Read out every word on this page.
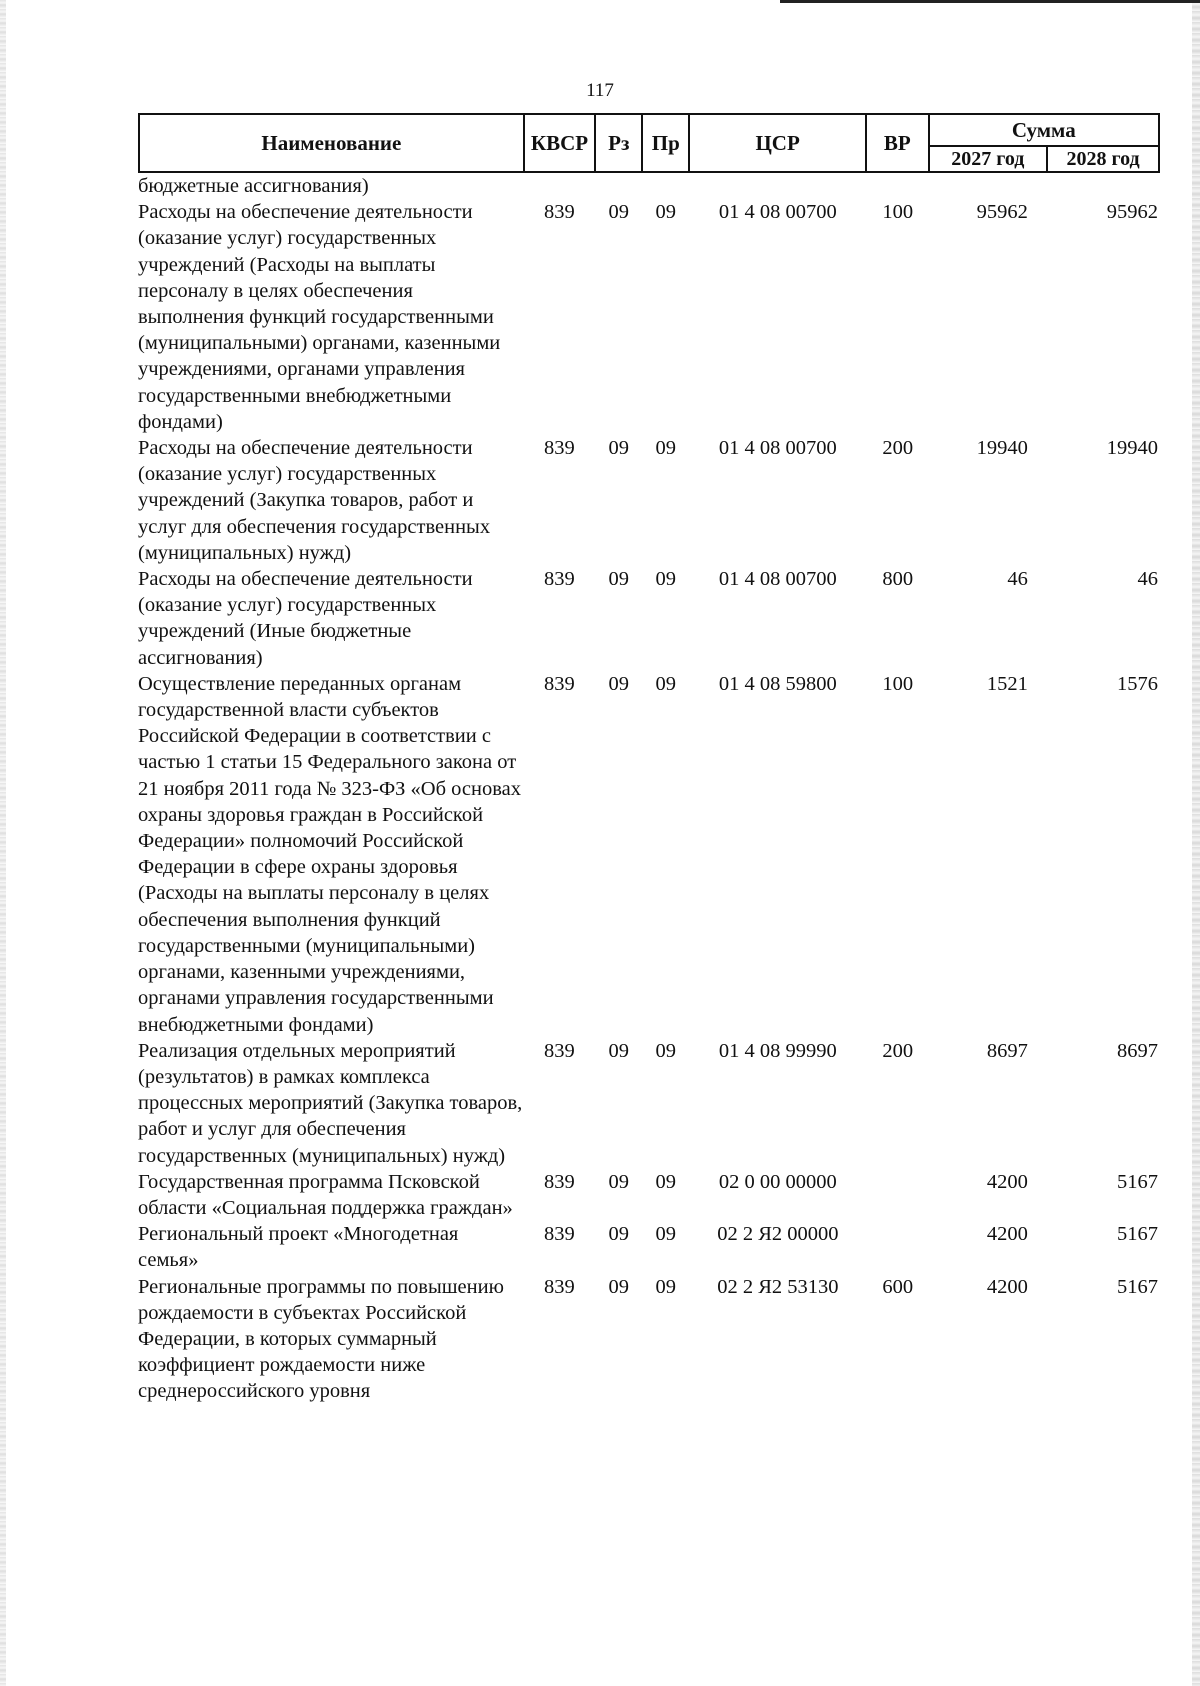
117
Наименование	КВСР	Рз	Пр	ЦСР	ВР	Сумма	
						2027 год	2028 год
бюджетные ассигнования)							
Расходы на обеспечение деятельности (оказание услуг) государственных учреждений (Расходы на выплаты персоналу в целях обеспечения выполнения функций государственными (муниципальными) органами, казенными учреждениями, органами управления государственными внебюджетными фондами)	839	09	09	01 4 08 00700	100	95962	95962
Расходы на обеспечение деятельности (оказание услуг) государственных учреждений (Закупка товаров, работ и услуг для обеспечения государственных (муниципальных) нужд)	839	09	09	01 4 08 00700	200	19940	19940
Расходы на обеспечение деятельности (оказание услуг) государственных учреждений (Иные бюджетные ассигнования)	839	09	09	01 4 08 00700	800	46	46
Осуществление переданных органам государственной власти субъектов Российской Федерации в соответствии с частью 1 статьи 15 Федерального закона от 21 ноября 2011 года № 323-ФЗ «Об основах охраны здоровья граждан в Российской Федерации» полномочий Российской Федерации в сфере охраны здоровья (Расходы на выплаты персоналу в целях обеспечения выполнения функций государственными (муниципальными) органами, казенными учреждениями, органами управления государственными внебюджетными фондами)	839	09	09	01 4 08 59800	100	1521	1576
Реализация отдельных мероприятий (результатов) в рамках комплекса процессных мероприятий (Закупка товаров, работ и услуг для обеспечения государственных (муниципальных) нужд)	839	09	09	01 4 08 99990	200	8697	8697
Государственная программа Псковской области «Социальная поддержка граждан»	839	09	09	02 0 00 00000		4200	5167
Региональный проект «Многодетная семья»	839	09	09	02 2 Я2 00000		4200	5167
Региональные программы по повышению рождаемости в субъектах Российской Федерации, в которых суммарный коэффициент рождаемости ниже среднероссийского уровня	839	09	09	02 2 Я2 53130	600	4200	5167
